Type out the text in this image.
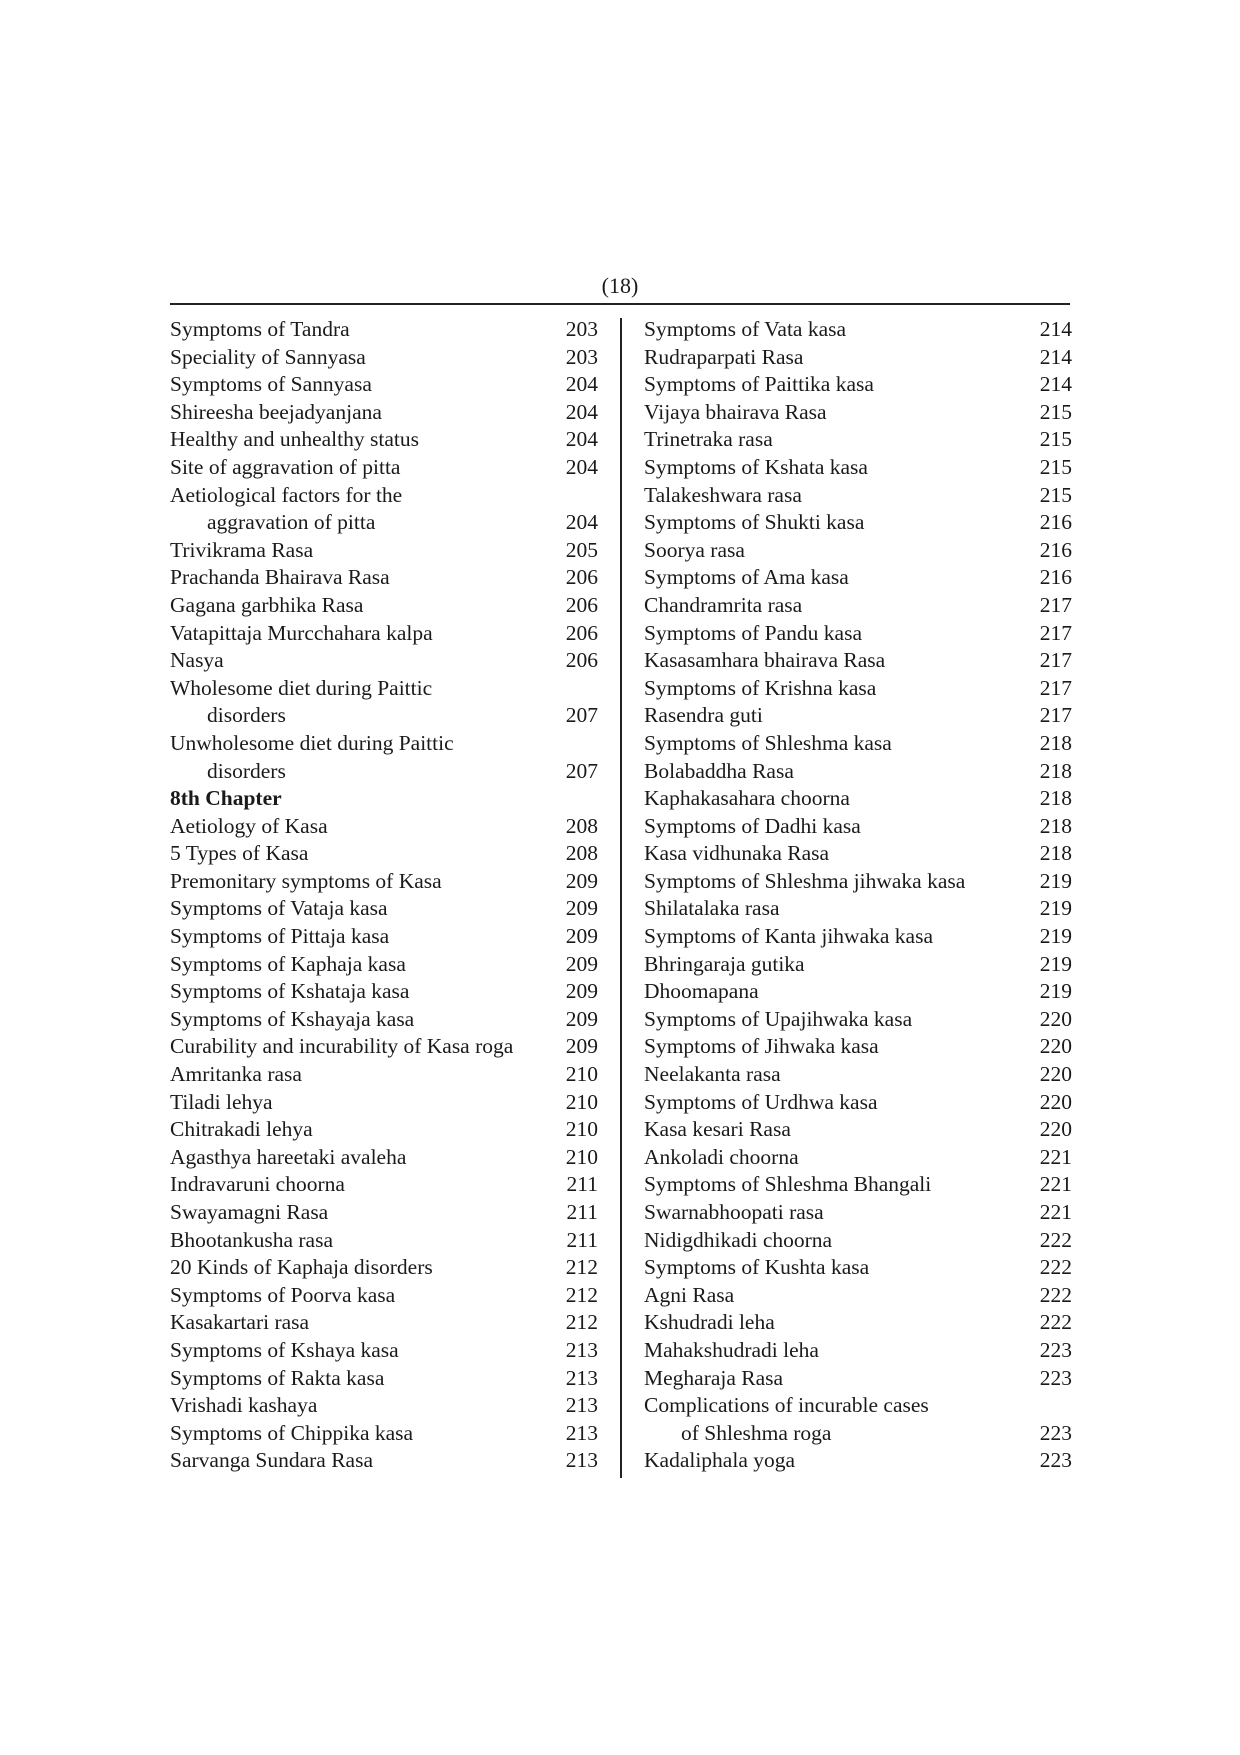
(18)
Symptoms of Tandra	203
Speciality of Sannyasa	203
Symptoms of Sannyasa	204
Shireesha beejadyanjana	204
Healthy and unhealthy status	204
Site of aggravation of pitta	204
Aetiological factors for the
aggravation of pitta	204
Trivikrama Rasa	205
Prachanda Bhairava Rasa	206
Gagana garbhika Rasa	206
Vatapittaja Murcchahara kalpa	206
Nasya	206
Wholesome diet during Paittic
disorders	207
Unwholesome diet during Paittic
disorders	207
8th Chapter
Aetiology of Kasa	208
5 Types of Kasa	208
Premonitary symptoms of Kasa	209
Symptoms of Vataja kasa	209
Symptoms of Pittaja kasa	209
Symptoms of Kaphaja kasa	209
Symptoms of Kshataja kasa	209
Symptoms of Kshayaja kasa	209
Curability and incurability of Kasa roga	209
Amritanka rasa	210
Tiladi lehya	210
Chitrakadi lehya	210
Agasthya hareetaki avaleha	210
Indravaruni choorna	211
Swayamagni Rasa	211
Bhootankusha rasa	211
20 Kinds of Kaphaja disorders	212
Symptoms of Poorva kasa	212
Kasakartari rasa	212
Symptoms of Kshaya kasa	213
Symptoms of Rakta kasa	213
Vrishadi kashaya	213
Symptoms of Chippika kasa	213
Sarvanga Sundara Rasa	213
Symptoms of Vata kasa	214
Rudraparpati Rasa	214
Symptoms of Paittika kasa	214
Vijaya bhairava Rasa	215
Trinetraka rasa	215
Symptoms of Kshata kasa	215
Talakeshwara rasa	215
Symptoms of Shukti kasa	216
Soorya rasa	216
Symptoms of Ama kasa	216
Chandramrita rasa	217
Symptoms of Pandu kasa	217
Kasasamhara bhairava Rasa	217
Symptoms of Krishna kasa	217
Rasendra guti	217
Symptoms of Shleshma kasa	218
Bolabaddha Rasa	218
Kaphakasahara choorna	218
Symptoms of Dadhi kasa	218
Kasa vidhunaka Rasa	218
Symptoms of Shleshma jihwaka kasa	219
Shilatalaka rasa	219
Symptoms of Kanta jihwaka kasa	219
Bhringaraja gutika	219
Dhoomapana	219
Symptoms of Upajihwaka kasa	220
Symptoms of Jihwaka kasa	220
Neelakanta rasa	220
Symptoms of Urdhwa kasa	220
Kasa kesari Rasa	220
Ankoladi choorna	221
Symptoms of Shleshma Bhangali	221
Swarnabhoopati rasa	221
Nidigdhikadi choorna	222
Symptoms of Kushta kasa	222
Agni Rasa	222
Kshudradi leha	222
Mahakshudradi leha	223
Megharaja Rasa	223
Complications of incurable cases
of Shleshma roga	223
Kadaliphala yoga	223
